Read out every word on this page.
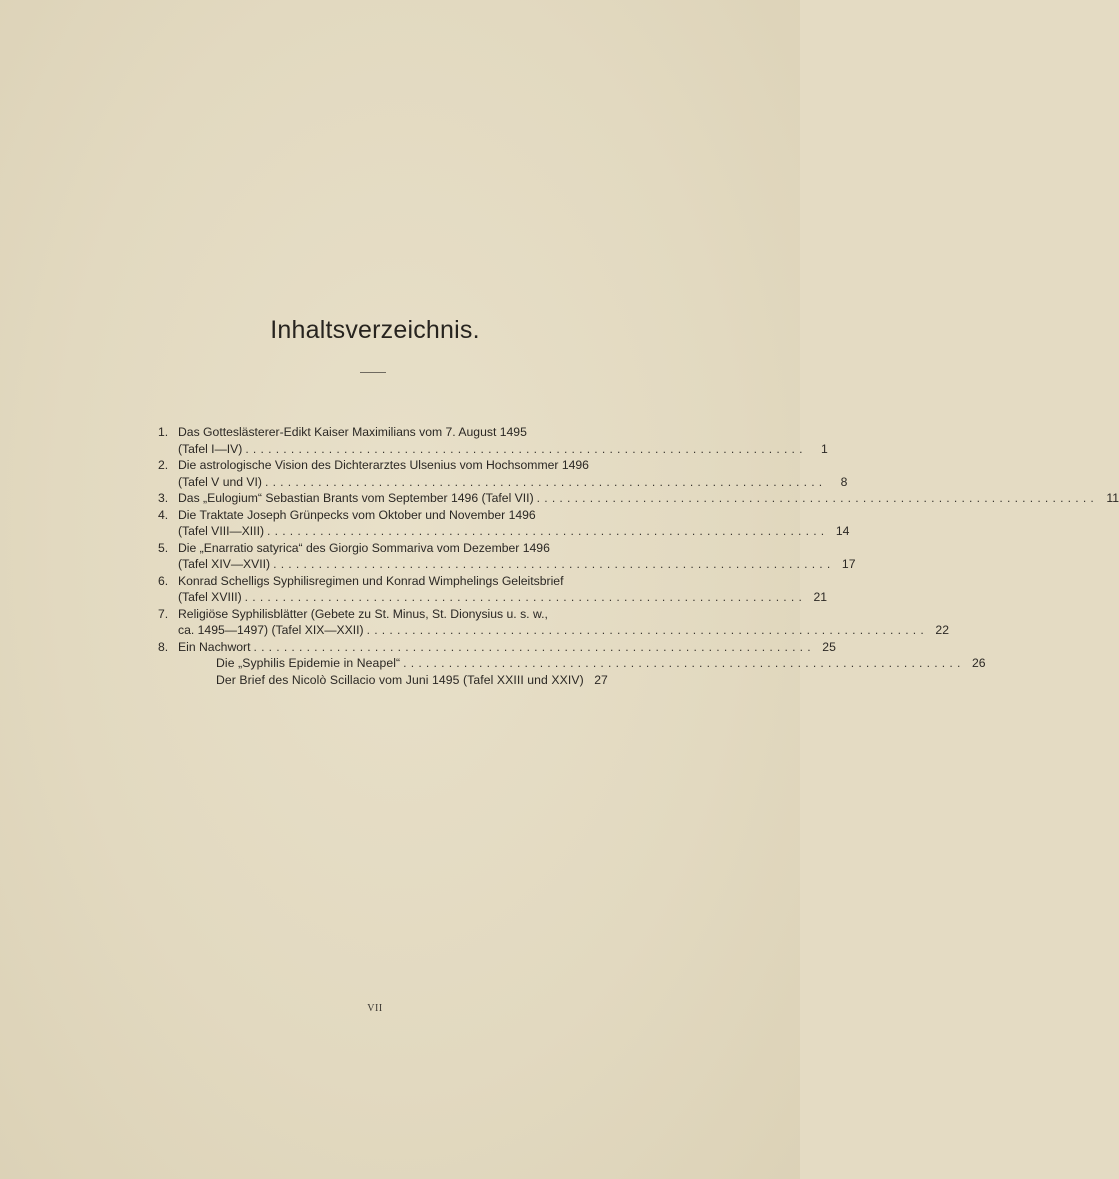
Inhaltsverzeichnis.
1. Das Gotteslästerer-Edikt Kaiser Maximilians vom 7. August 1495
(Tafel I—IV) ..........................................................................	1
2. Die astrologische Vision des Dichterarztes Ulsenius vom Hochsommer 1496
(Tafel V und VI) ..........................................................................	8
3. Das „Eulogium“ Sebastian Brants vom September 1496 (Tafel VII) .......................................................................... 11
4. Die Traktate Joseph Grünpecks vom Oktober und November 1496
(Tafel VIII—XIII) .......................................................................... 14
5. Die „Enarratio satyrica“ des Giorgio Sommariva vom Dezember 1496
(Tafel XIV—XVII) .......................................................................... 17
6. Konrad Schelligs Syphilisregimen und Konrad Wimphelings Geleitsbrief
(Tafel XVIII) .......................................................................... 21
7. Religiöse Syphilisblätter (Gebete zu St. Minus, St. Dionysius u. s. w.,
ca. 1495—1497) (Tafel XIX—XXII) .......................................................................... 22
8. Ein Nachwort .......................................................................... 25
Die „Syphilis Epidemie in Neapel“ .......................................................................... 26
Der Brief des Nicolò Scillacio vom Juni 1495 (Tafel XXIII und XXIV) 27
VII
